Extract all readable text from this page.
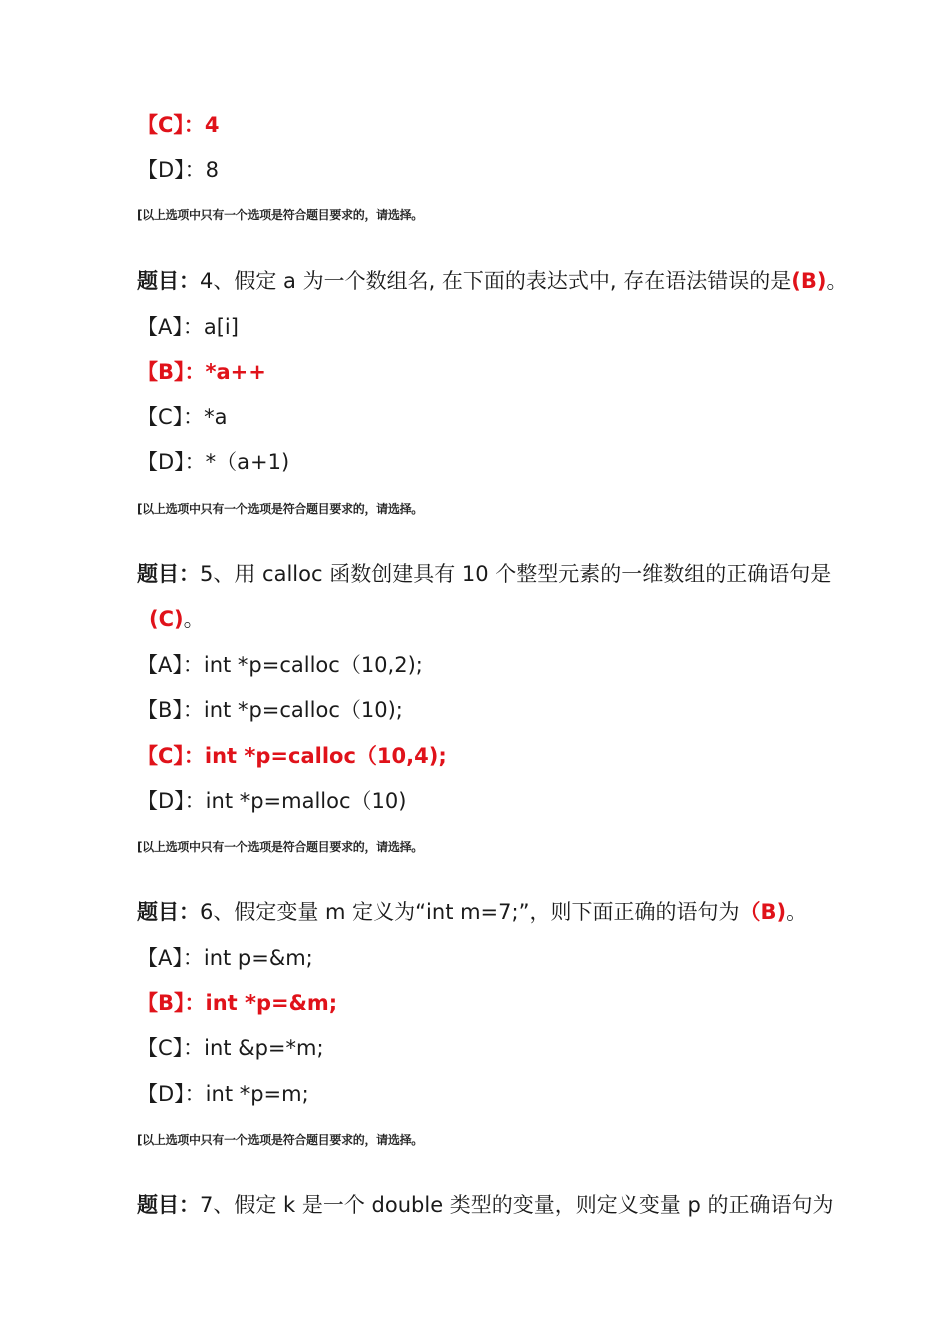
【C】：4
【D】：8
[以上选项中只有一个选项是符合题目要求的，请选择。
题目：4、假定 a 为一个数组名, 在下面的表达式中, 存在语法错误的是(B)。
【A】：a[i]
【B】：*a++
【C】：*a
【D】：*（a+1)
[以上选项中只有一个选项是符合题目要求的，请选择。
题目：5、用 calloc 函数创建具有 10 个整型元素的一维数组的正确语句是
(C)。
【A】：int *p=calloc（10,2);
【B】：int *p=calloc（10);
【C】：int *p=calloc（10,4);
【D】：int *p=malloc（10)
[以上选项中只有一个选项是符合题目要求的，请选择。
题目：6、假定变量 m 定义为“int m=7;”，则下面正确的语句为（B)。
【A】：int p=&m;
【B】：int *p=&m;
【C】：int &p=*m;
【D】：int *p=m;
[以上选项中只有一个选项是符合题目要求的，请选择。
题目：7、假定 k 是一个 double 类型的变量，则定义变量 p 的正确语句为
